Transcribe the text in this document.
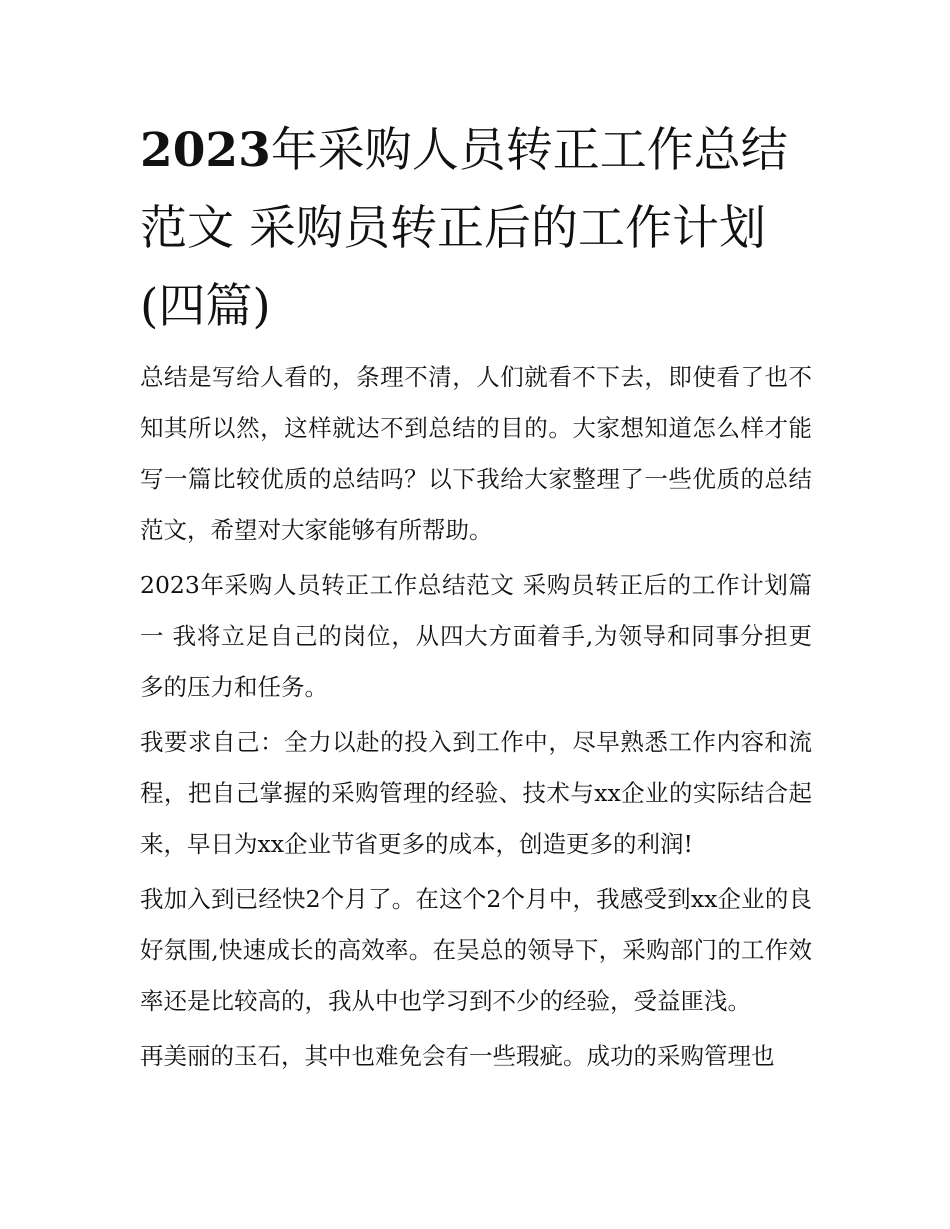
2023年采购人员转正工作总结范文 采购员转正后的工作计划(四篇)

总结是写给人看的，条理不清，人们就看不下去，即使看了也不知其所以然，这样就达不到总结的目的。大家想知道怎么样才能写一篇比较优质的总结吗？以下我给大家整理了一些优质的总结范文，希望对大家能够有所帮助。

2023年采购人员转正工作总结范文 采购员转正后的工作计划篇一 我将立足自己的岗位，从四大方面着手,为领导和同事分担更多的压力和任务。

我要求自己：全力以赴的投入到工作中，尽早熟悉工作内容和流程，把自己掌握的采购管理的经验、技术与xx企业的实际结合起来，早日为xx企业节省更多的成本，创造更多的利润!

我加入到已经快2个月了。在这个2个月中，我感受到xx企业的良好氛围,快速成长的高效率。在吴总的领导下，采购部门的工作效率还是比较高的，我从中也学习到不少的经验，受益匪浅。

再美丽的玉石，其中也难免会有一些瑕疵。成功的采购管理也
